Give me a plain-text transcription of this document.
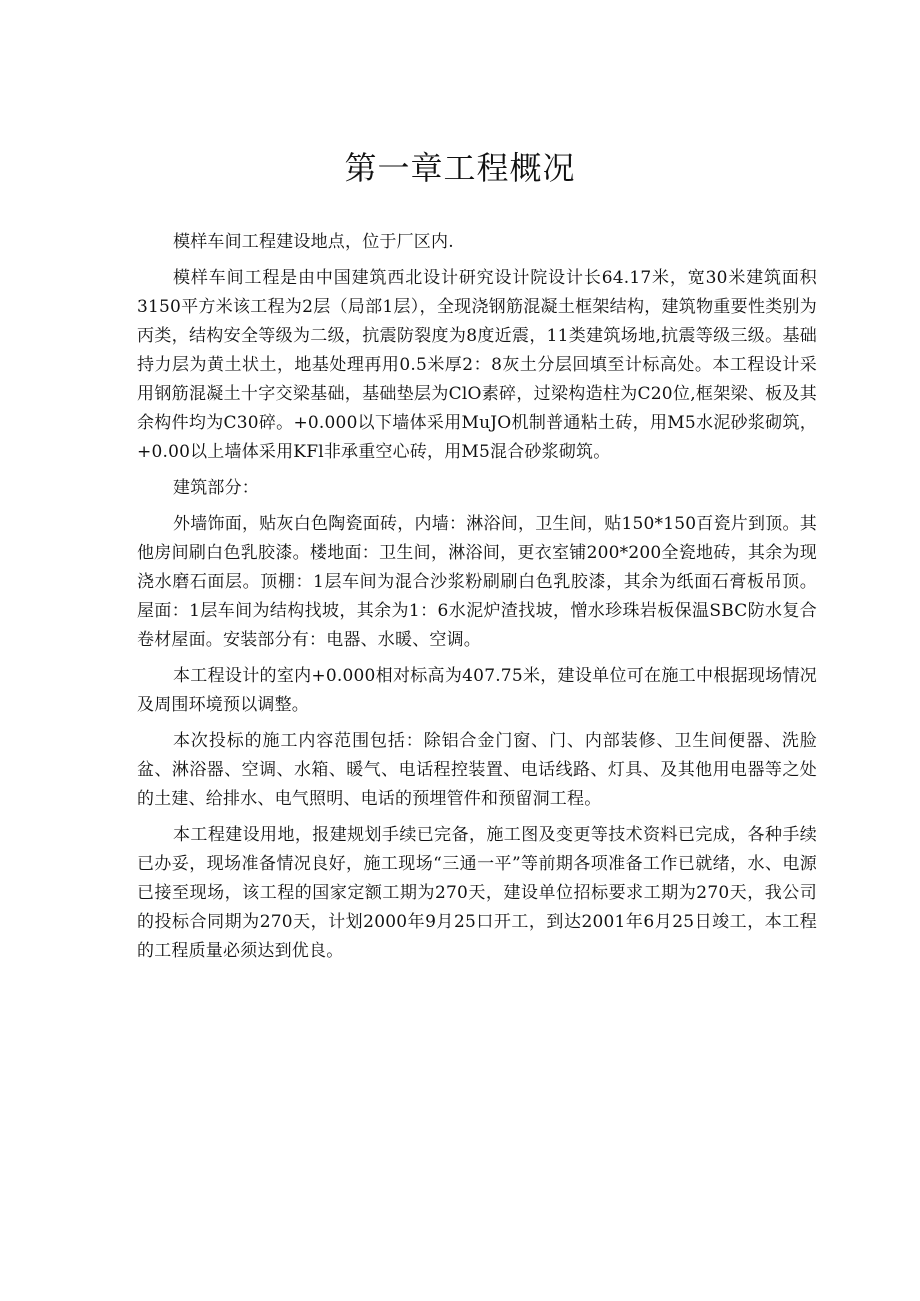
第一章工程概况

模样车间工程建设地点，位于厂区内.

模样车间工程是由中国建筑西北设计研究设计院设计长64.17米，宽30米建筑面积3150平方米该工程为2层（局部1层），全现浇钢筋混凝土框架结构，建筑物重要性类别为丙类，结构安全等级为二级，抗震防裂度为8度近震，11类建筑场地,抗震等级三级。基础持力层为黄土状土，地基处理再用0.5米厚2：8灰土分层回填至计标高处。本工程设计采用钢筋混凝土十字交梁基础，基础垫层为ClO素碎，过梁构造柱为C20位,框架梁、板及其余构件均为C30碎。+0.000以下墙体采用MuJO机制普通粘土砖，用M5水泥砂浆砌筑，+0.00以上墙体采用KFl非承重空心砖，用M5混合砂浆砌筑。

建筑部分：

外墙饰面，贴灰白色陶瓷面砖，内墙：淋浴间，卫生间，贴150*150百瓷片到顶。其他房间刷白色乳胶漆。楼地面：卫生间，淋浴间，更衣室铺200*200全瓷地砖，其余为现浇水磨石面层。顶棚：1层车间为混合沙浆粉刷刷白色乳胶漆，其余为纸面石膏板吊顶。屋面：1层车间为结构找坡，其余为1：6水泥炉渣找坡，憎水珍珠岩板保温SBC防水复合卷材屋面。安装部分有：电器、水暖、空调。

本工程设计的室内+0.000相对标高为407.75米，建设单位可在施工中根据现场情况及周围环境预以调整。

本次投标的施工内容范围包括：除铝合金门窗、门、内部装修、卫生间便器、洗脸盆、淋浴器、空调、水箱、暖气、电话程控装置、电话线路、灯具、及其他用电器等之处的土建、给排水、电气照明、电话的预埋管件和预留洞工程。

本工程建设用地，报建规划手续已完备，施工图及变更等技术资料已完成，各种手续已办妥，现场准备情况良好，施工现场“三通一平”等前期各项准备工作已就绪，水、电源已接至现场，该工程的国家定额工期为270天，建设单位招标要求工期为270天，我公司的投标合同期为270天，计划2000年9月25口开工，到达2001年6月25日竣工，本工程的工程质量必须达到优良。
